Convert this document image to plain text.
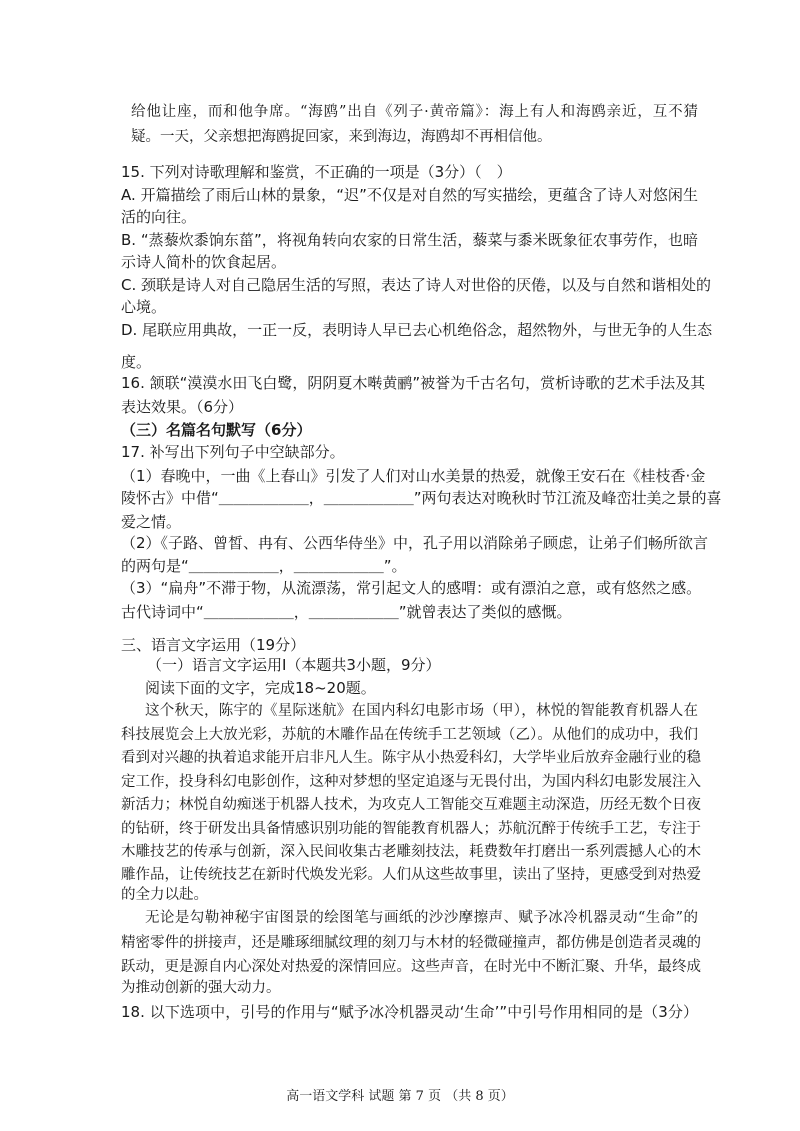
给他让座，而和他争席。“海鸥”出自《列子·黄帝篇》：海上有人和海鸥亲近，互不猜
疑。一天，父亲想把海鸥捉回家，来到海边，海鸥却不再相信他。
15. 下列对诗歌理解和鉴赏，不正确的一项是（3分）（　）
A. 开篇描绘了雨后山林的景象，“迟”不仅是对自然的写实描绘，更蕴含了诗人对悠闲生
活的向往。
B. “蒸藜炊黍饷东菑”，将视角转向农家的日常生活，藜菜与黍米既象征农事劳作，也暗
示诗人简朴的饮食起居。
C. 颈联是诗人对自己隐居生活的写照，表达了诗人对世俗的厌倦，以及与自然和谐相处的
心境。
D. 尾联应用典故，一正一反，表明诗人早已去心机绝俗念，超然物外，与世无争的人生态
度。
16. 颔联“漠漠水田飞白鹭，阴阴夏木啭黄鹂”被誉为千古名句，赏析诗歌的艺术手法及其
表达效果。（6分）
（三）名篇名句默写（6分）
17. 补写出下列句子中空缺部分。
（1）春晚中，一曲《上春山》引发了人们对山水美景的热爱，就像王安石在《桂枝香·金
陵怀古》中借“＿＿＿＿＿＿，＿＿＿＿＿＿”两句表达对晚秋时节江流及峰峦壮美之景的喜
爱之情。
（2）《子路、曾皙、冉有、公西华侍坐》中，孔子用以消除弟子顾虑，让弟子们畅所欲言
的两句是“＿＿＿＿＿＿，＿＿＿＿＿＿”。
（3）“扁舟”不滞于物，从流漂荡，常引起文人的感喟：或有漂泊之意，或有悠然之感。
古代诗词中“＿＿＿＿＿＿，＿＿＿＿＿＿”就曾表达了类似的感慨。
三、语言文字运用（19分）
（一）语言文字运用Ⅰ（本题共3小题，9分）
阅读下面的文字，完成18~20题。
这个秋天，陈宇的《星际迷航》在国内科幻电影市场（甲），林悦的智能教育机器人在
科技展览会上大放光彩，苏航的木雕作品在传统手工艺领域（乙）。从他们的成功中，我们
看到对兴趣的执着追求能开启非凡人生。陈宇从小热爱科幻，大学毕业后放弃金融行业的稳
定工作，投身科幻电影创作，这种对梦想的坚定追逐与无畏付出，为国内科幻电影发展注入
新活力；林悦自幼痴迷于机器人技术，为攻克人工智能交互难题主动深造，历经无数个日夜
的钻研，终于研发出具备情感识别功能的智能教育机器人；苏航沉醉于传统手工艺，专注于
木雕技艺的传承与创新，深入民间收集古老雕刻技法，耗费数年打磨出一系列震撼人心的木
雕作品，让传统技艺在新时代焕发光彩。人们从这些故事里，读出了坚持，更感受到对热爱
的全力以赴。
无论是勾勒神秘宇宙图景的绘图笔与画纸的沙沙摩擦声、赋予冰冷机器灵动“生命”的
精密零件的拼接声，还是雕琢细腻纹理的刻刀与木材的轻微碰撞声，都仿佛是创造者灵魂的
跃动，更是源自内心深处对热爱的深情回应。这些声音，在时光中不断汇聚、升华，最终成
为推动创新的强大动力。
18. 以下选项中，引号的作用与“赋予冰冷机器灵动‘生命’”中引号作用相同的是（3分）
高一语文学科 试题 第 7 页 （共 8 页）
